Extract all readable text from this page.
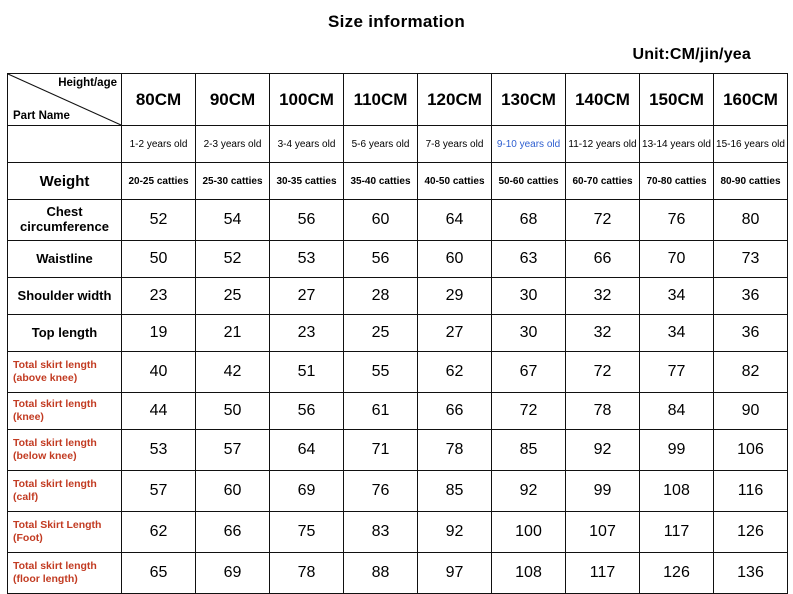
Size information
Unit:CM/jin/yea
Height/age
Part Name	80CM	90CM	100CM	110CM	120CM	130CM	140CM	150CM	160CM
	1-2 years old	2-3 years old	3-4 years old	5-6 years old	7-8 years old	9-10 years old	11-12 years old	13-14 years old	15-16 years old
Weight	20-25 catties	25-30 catties	30-35 catties	35-40 catties	40-50 catties	50-60 catties	60-70 catties	70-80 catties	80-90 catties
Chest circumference	52	54	56	60	64	68	72	76	80
Waistline	50	52	53	56	60	63	66	70	73
Shoulder width	23	25	27	28	29	30	32	34	36
Top length	19	21	23	25	27	30	32	34	36
Total skirt length (above knee)	40	42	51	55	62	67	72	77	82
Total skirt length (knee)	44	50	56	61	66	72	78	84	90
Total skirt length (below knee)	53	57	64	71	78	85	92	99	106
Total skirt length (calf)	57	60	69	76	85	92	99	108	116
Total Skirt Length (Foot)	62	66	75	83	92	100	107	117	126
Total skirt length (floor length)	65	69	78	88	97	108	117	126	136
